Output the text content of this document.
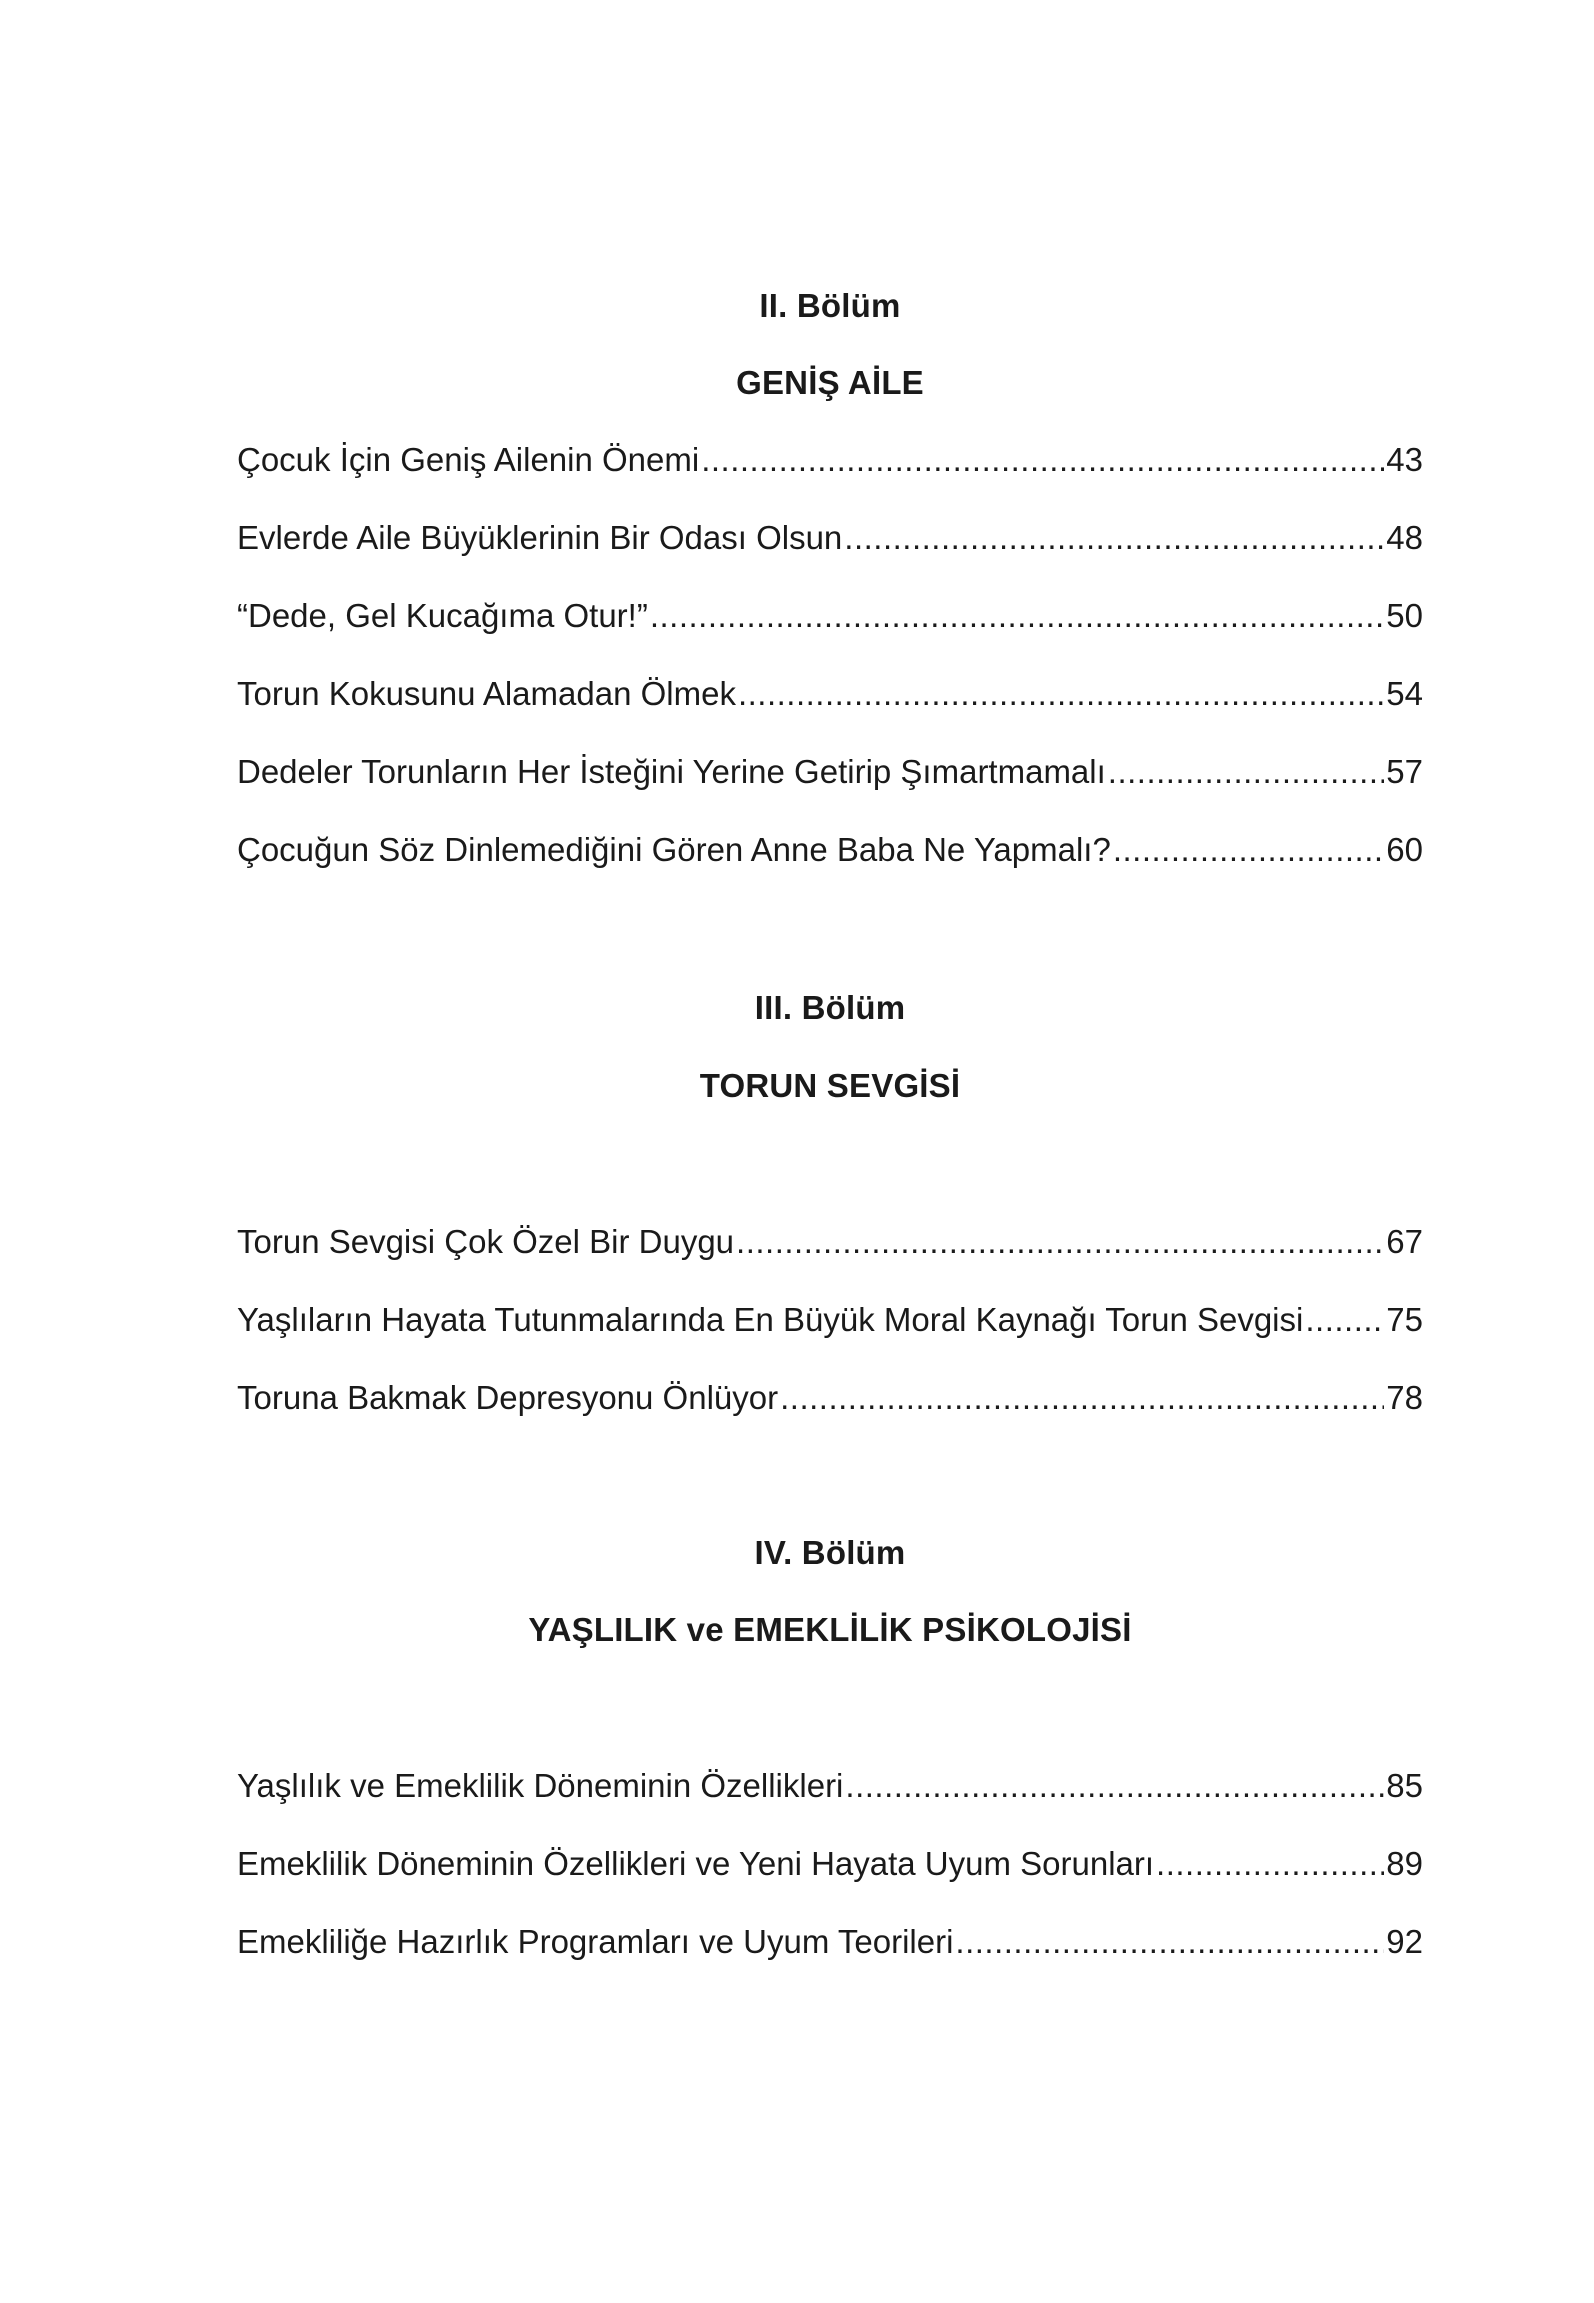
II. Bölüm
GENİŞ AİLE
Çocuk İçin Geniş Ailenin Önemi .....	43
Evlerde Aile Büyüklerinin Bir Odası Olsun .....	48
“Dede, Gel Kucağıma Otur!” .....	50
Torun Kokusunu Alamadan Ölmek .....	54
Dedeler Torunların Her İsteğini Yerine Getirip Şımartmamalı .....	57
Çocuğun Söz Dinlemediğini Gören Anne Baba Ne Yapmalı? .....	60
III. Bölüm
TORUN SEVGİSİ
Torun Sevgisi Çok Özel Bir Duygu .....	67
Yaşlıların Hayata Tutunmalarında En Büyük Moral Kaynağı Torun Sevgisi .....	75
Toruna Bakmak Depresyonu Önlüyor .....	78
IV. Bölüm
YAŞLILIK ve EMEKLİLİK PSİKOLOJİSİ
Yaşlılık ve Emeklilik Döneminin Özellikleri .....	85
Emeklilik Döneminin Özellikleri ve Yeni Hayata Uyum Sorunları .....	89
Emekliliğe Hazırlık Programları ve Uyum Teorileri .....	92
